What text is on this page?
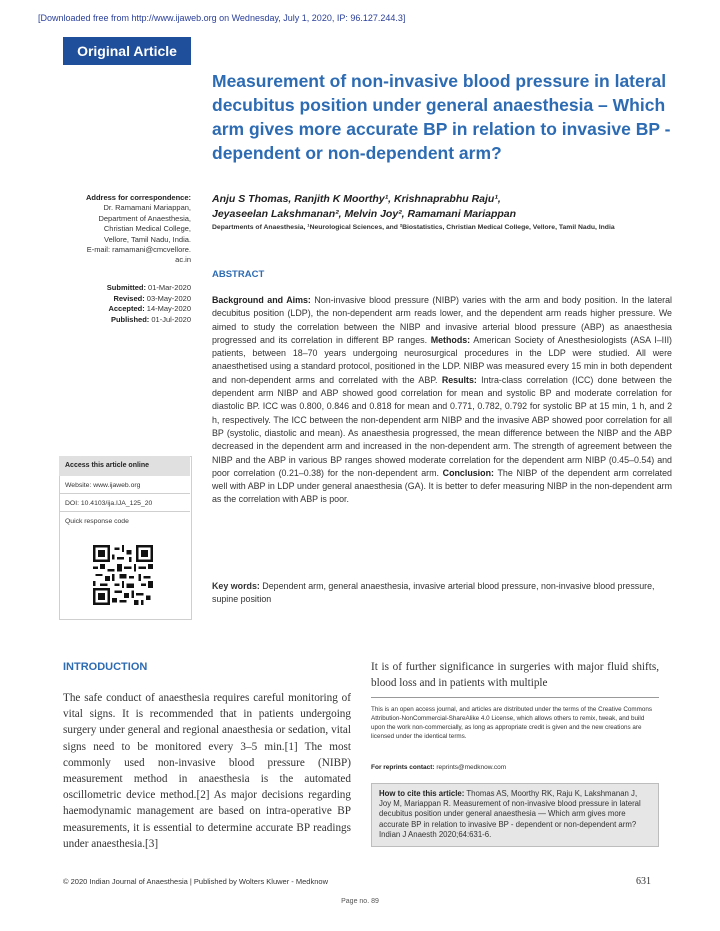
[Downloaded free from http://www.ijaweb.org on Wednesday, July 1, 2020, IP: 96.127.244.3]
Original Article
Measurement of non-invasive blood pressure in lateral decubitus position under general anaesthesia – Which arm gives more accurate BP in relation to invasive BP - dependent or non-dependent arm?
Address for correspondence:
Dr. Ramamani Mariappan,
Department of Anaesthesia,
Christian Medical College,
Vellore, Tamil Nadu, India.
E-mail: ramamani@cmcvellore.
ac.in
Submitted: 01-Mar-2020
Revised: 03-May-2020
Accepted: 14-May-2020
Published: 01-Jul-2020
Anju S Thomas, Ranjith K Moorthy¹, Krishnaprabhu Raju¹,
Jeyaseelan Lakshmanan², Melvin Joy², Ramamani Mariappan
Departments of Anaesthesia, ¹Neurological Sciences, and ²Biostatistics, Christian Medical College, Vellore, Tamil Nadu, India
ABSTRACT
Background and Aims: Non-invasive blood pressure (NIBP) varies with the arm and body position. In the lateral decubitus position (LDP), the non-dependent arm reads lower, and the dependent arm reads higher pressure. We aimed to study the correlation between the NIBP and invasive arterial blood pressure (ABP) as anaesthesia progressed and its correlation in different BP ranges. Methods: American Society of Anesthesiologists (ASA I–III) patients, between 18–70 years undergoing neurosurgical procedures in the LDP were studied. All were anaesthetised using a standard protocol, positioned in the LDP. NIBP was measured every 15 min in both dependent and non-dependent arms and correlated with the ABP. Results: Intra-class correlation (ICC) done between the dependent arm NIBP and ABP showed good correlation for mean and systolic BP and moderate correlation for diastolic BP. ICC was 0.800, 0.846 and 0.818 for mean and 0.771, 0.782, 0.792 for systolic BP at 15 min, 1 h, and 2 h, respectively. The ICC between the non-dependent arm NIBP and the invasive ABP showed poor correlation for all BP (systolic, diastolic and mean). As anaesthesia progressed, the mean difference between the NIBP and the ABP decreased in the dependent arm and increased in the non-dependent arm. The strength of agreement between the NIBP and the ABP in various BP ranges showed moderate correlation for the dependent arm NIBP (0.45–0.54) and poor correlation (0.21–0.38) for the non-dependent arm. Conclusion: The NIBP of the dependent arm correlated well with ABP in LDP under general anaesthesia (GA). It is better to defer measuring NIBP in the non-dependent arm as the correlation with ABP is poor.
Key words: Dependent arm, general anaesthesia, invasive arterial blood pressure, non-invasive blood pressure, supine position
Access this article online
Website: www.ijaweb.org
DOI: 10.4103/ija.IJA_125_20
Quick response code
INTRODUCTION
The safe conduct of anaesthesia requires careful monitoring of vital signs. It is recommended that in patients undergoing surgery under general and regional anaesthesia or sedation, vital signs need to be monitored every 3–5 min.[1] The most commonly used non-invasive blood pressure (NIBP) measurement method in anaesthesia is the automated oscillometric device method.[2] As major decisions regarding haemodynamic management are based on intra-operative BP measurements, it is essential to determine accurate BP readings under anaesthesia.[3]
It is of further significance in surgeries with major fluid shifts, blood loss and in patients with multiple
This is an open access journal, and articles are distributed under the terms of the Creative Commons Attribution-NonCommercial-ShareAlike 4.0 License, which allows others to remix, tweak, and build upon the work non-commercially, as long as appropriate credit is given and the new creations are licensed under the identical terms.
For reprints contact: reprints@medknow.com
How to cite this article: Thomas AS, Moorthy RK, Raju K, Lakshmanan J, Joy M, Mariappan R. Measurement of non-invasive blood pressure in lateral decubitus position under general anaesthesia — Which arm gives more accurate BP in relation to invasive BP - dependent or non-dependent arm? Indian J Anaesth 2020;64:631-6.
© 2020 Indian Journal of Anaesthesia | Published by Wolters Kluwer - Medknow	631
Page no. 89
